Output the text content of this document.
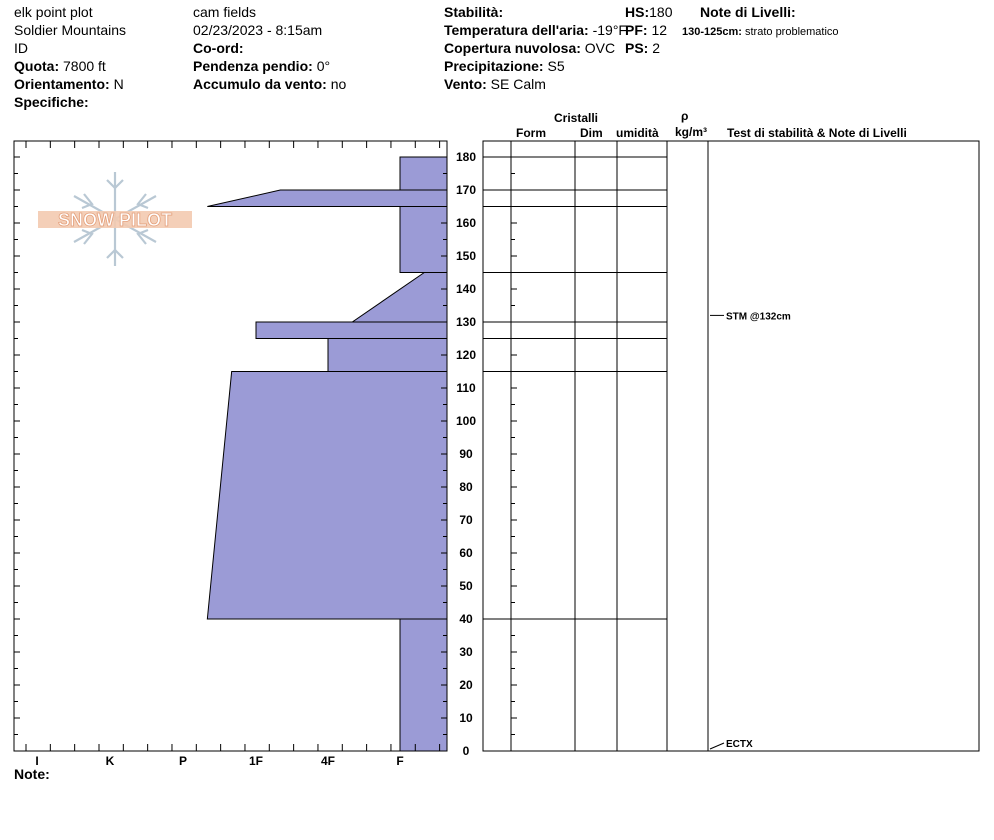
elk point plot
Soldier Mountains
ID
Quota: 7800 ft
Orientamento: N
Specifiche:
cam fields
02/23/2023 - 8:15am
Co-ord:
Pendenza pendio: 0°
Accumulo da vento: no
Stabilità:
Temperatura dell'aria: -19°F
Copertura nuvolosa: OVC
Precipitazione: S5
Vento: SE Calm
HS:180
PF: 12
PS: 2
Note di Livelli:
130-125cm: strato problematico
Cristalli
Form	Dim umidità
ρ
kg/m³ Test di stabilità & Note di Livelli
Note:
SNOW PILOT
0
10
20
30
40
50
60
70
80
90
100
110
120
130
140
150
160
170
180
I	K	P	1F	4F	F
STM @132cm
ECTX
